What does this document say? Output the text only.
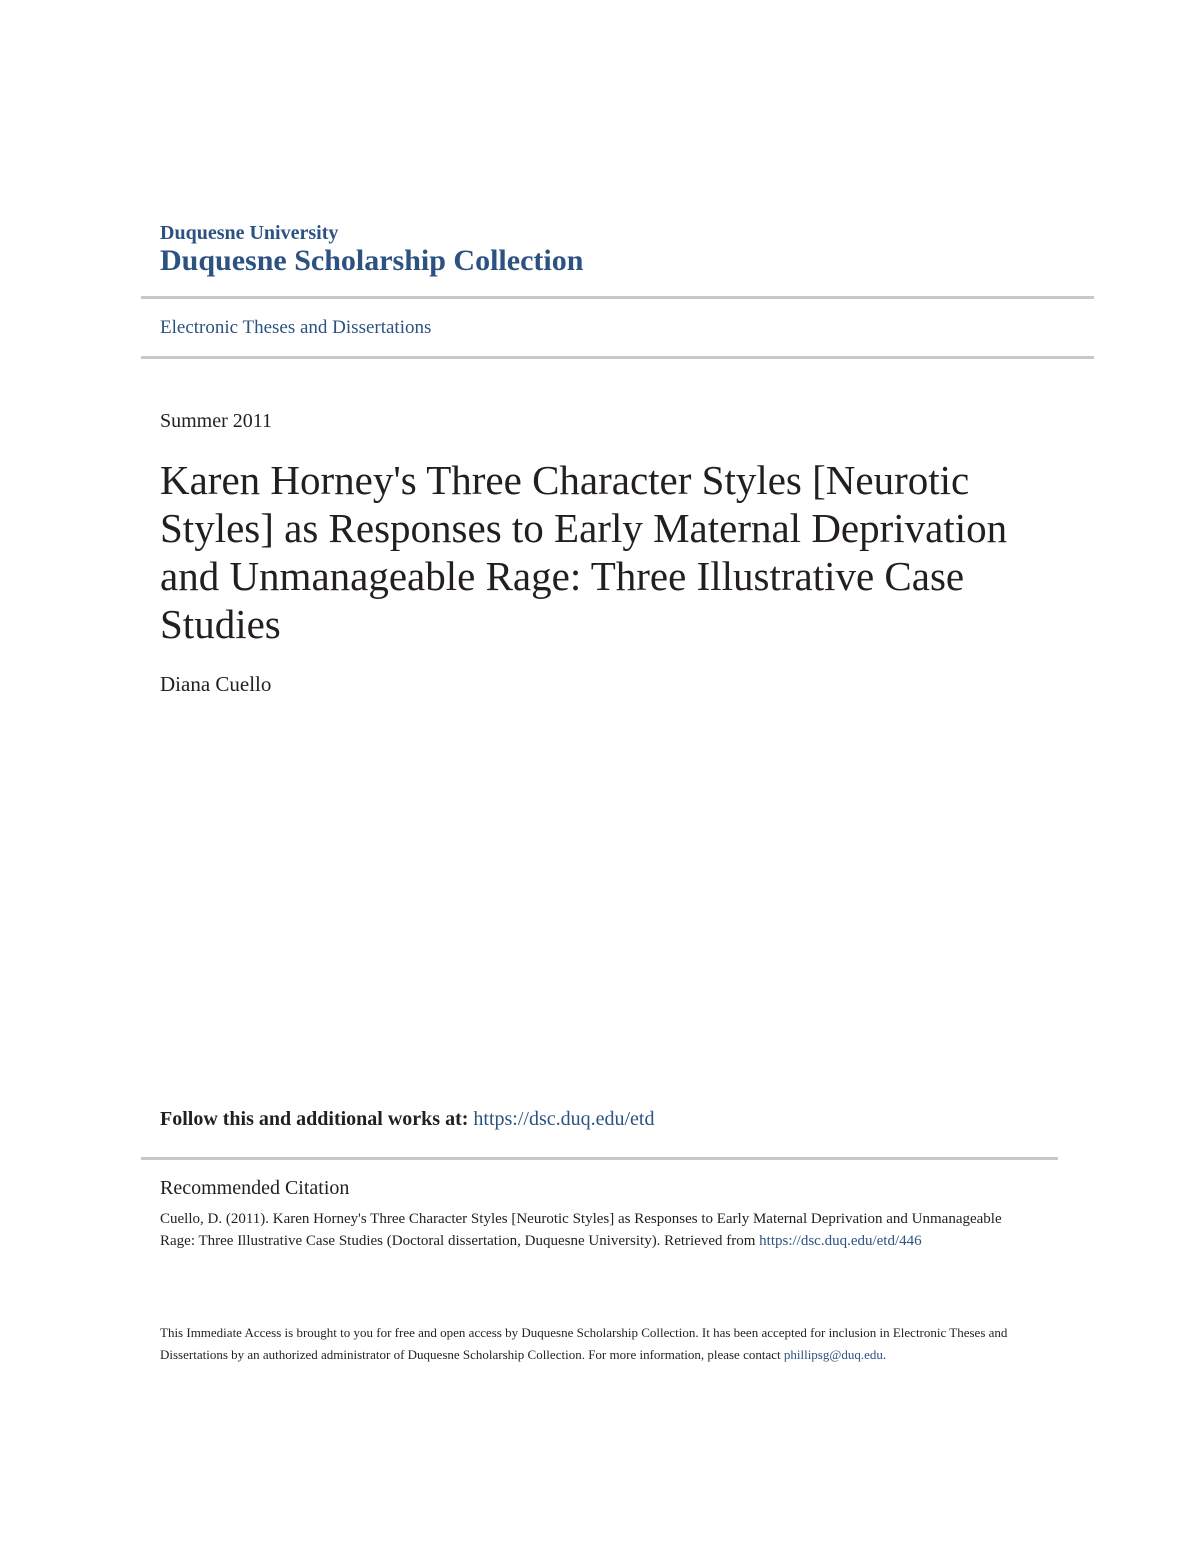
Duquesne University
Duquesne Scholarship Collection
Electronic Theses and Dissertations
Summer 2011
Karen Horney's Three Character Styles [Neurotic Styles] as Responses to Early Maternal Deprivation and Unmanageable Rage: Three Illustrative Case Studies
Diana Cuello
Follow this and additional works at: https://dsc.duq.edu/etd
Recommended Citation
Cuello, D. (2011). Karen Horney's Three Character Styles [Neurotic Styles] as Responses to Early Maternal Deprivation and Unmanageable Rage: Three Illustrative Case Studies (Doctoral dissertation, Duquesne University). Retrieved from https://dsc.duq.edu/etd/446
This Immediate Access is brought to you for free and open access by Duquesne Scholarship Collection. It has been accepted for inclusion in Electronic Theses and Dissertations by an authorized administrator of Duquesne Scholarship Collection. For more information, please contact phillipsg@duq.edu.
